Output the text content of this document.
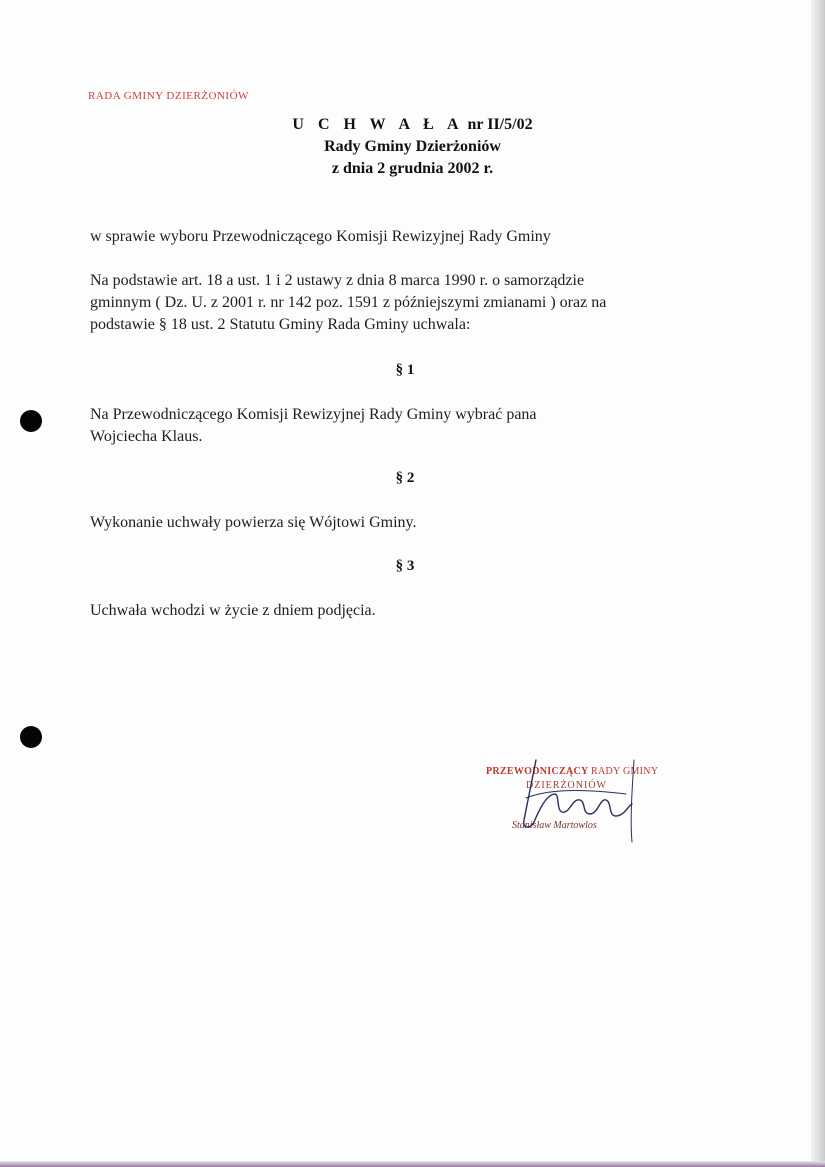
RADA GMINY DZIERŻONIÓW
U C H W A Ł A nr II/5/02
Rady Gminy Dzierżoniów
z dnia 2 grudnia 2002 r.
w sprawie wyboru Przewodniczącego Komisji Rewizyjnej Rady Gminy
Na podstawie art. 18 a ust. 1 i 2 ustawy z dnia 8 marca 1990 r. o samorządzie
gminnym ( Dz. U. z 2001 r. nr 142 poz. 1591 z późniejszymi zmianami ) oraz na
podstawie § 18 ust. 2 Statutu Gminy Rada Gminy uchwala:
§ 1
Na Przewodniczącego Komisji Rewizyjnej Rady Gminy wybrać pana
Wojciecha Klaus.
§ 2
Wykonanie uchwały powierza się Wójtowi Gminy.
§ 3
Uchwała wchodzi w życie z dniem podjęcia.
PRZEWODNICZĄCY RADY GMINY
DZIERŻONIÓW
Stanisław Martowlos
